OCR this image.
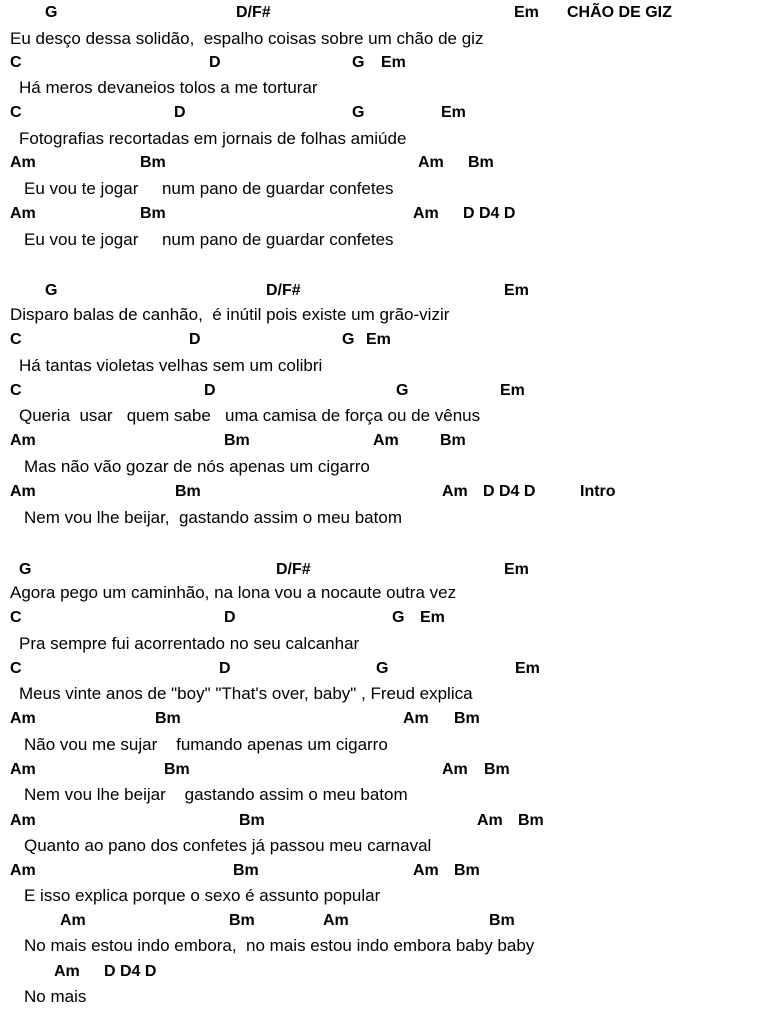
CHÃO DE GIZ
G	D/F#	Em
Eu desço dessa solidão,  espalho coisas sobre um chão de giz
C	D	G Em
Há meros devaneios tolos a me torturar
C	D	G	Em
Fotografias recortadas em jornais de folhas amiúde
Am	Bm	Am Bm
Eu vou te jogar     num pano de guardar confetes
Am	Bm	Am D D4 D
Eu vou te jogar     num pano de guardar confetes
G	D/F#	Em
Disparo balas de canhão,  é inútil pois existe um grão-vizir
C	D	G Em
Há tantas violetas velhas sem um colibri
C	D	G	Em
Queria  usar   quem sabe   uma camisa de força ou de vênus
Am	Bm	Am	Bm
Mas não vão gozar de nós apenas um cigarro
Am	Bm	Am D D4 D	Intro
Nem vou lhe beijar,  gastando assim o meu batom
G	D/F#	Em
Agora pego um caminhão, na lona vou a nocaute outra vez
C	D	G Em
Pra sempre fui acorrentado no seu calcanhar
C	D	G	Em
Meus vinte anos de "boy" "That's over, baby" , Freud explica
Am	Bm	Am Bm
Não vou me sujar    fumando apenas um cigarro
Am	Bm	Am Bm
Nem vou lhe beijar    gastando assim o meu batom
Am	Bm	Am Bm
Quanto ao pano dos confetes já passou meu carnaval
Am	Bm	Am Bm
E isso explica porque o sexo é assunto popular
Am	Bm	Am	Bm
No mais estou indo embora,  no mais estou indo embora baby baby
Am D D4 D
No mais
